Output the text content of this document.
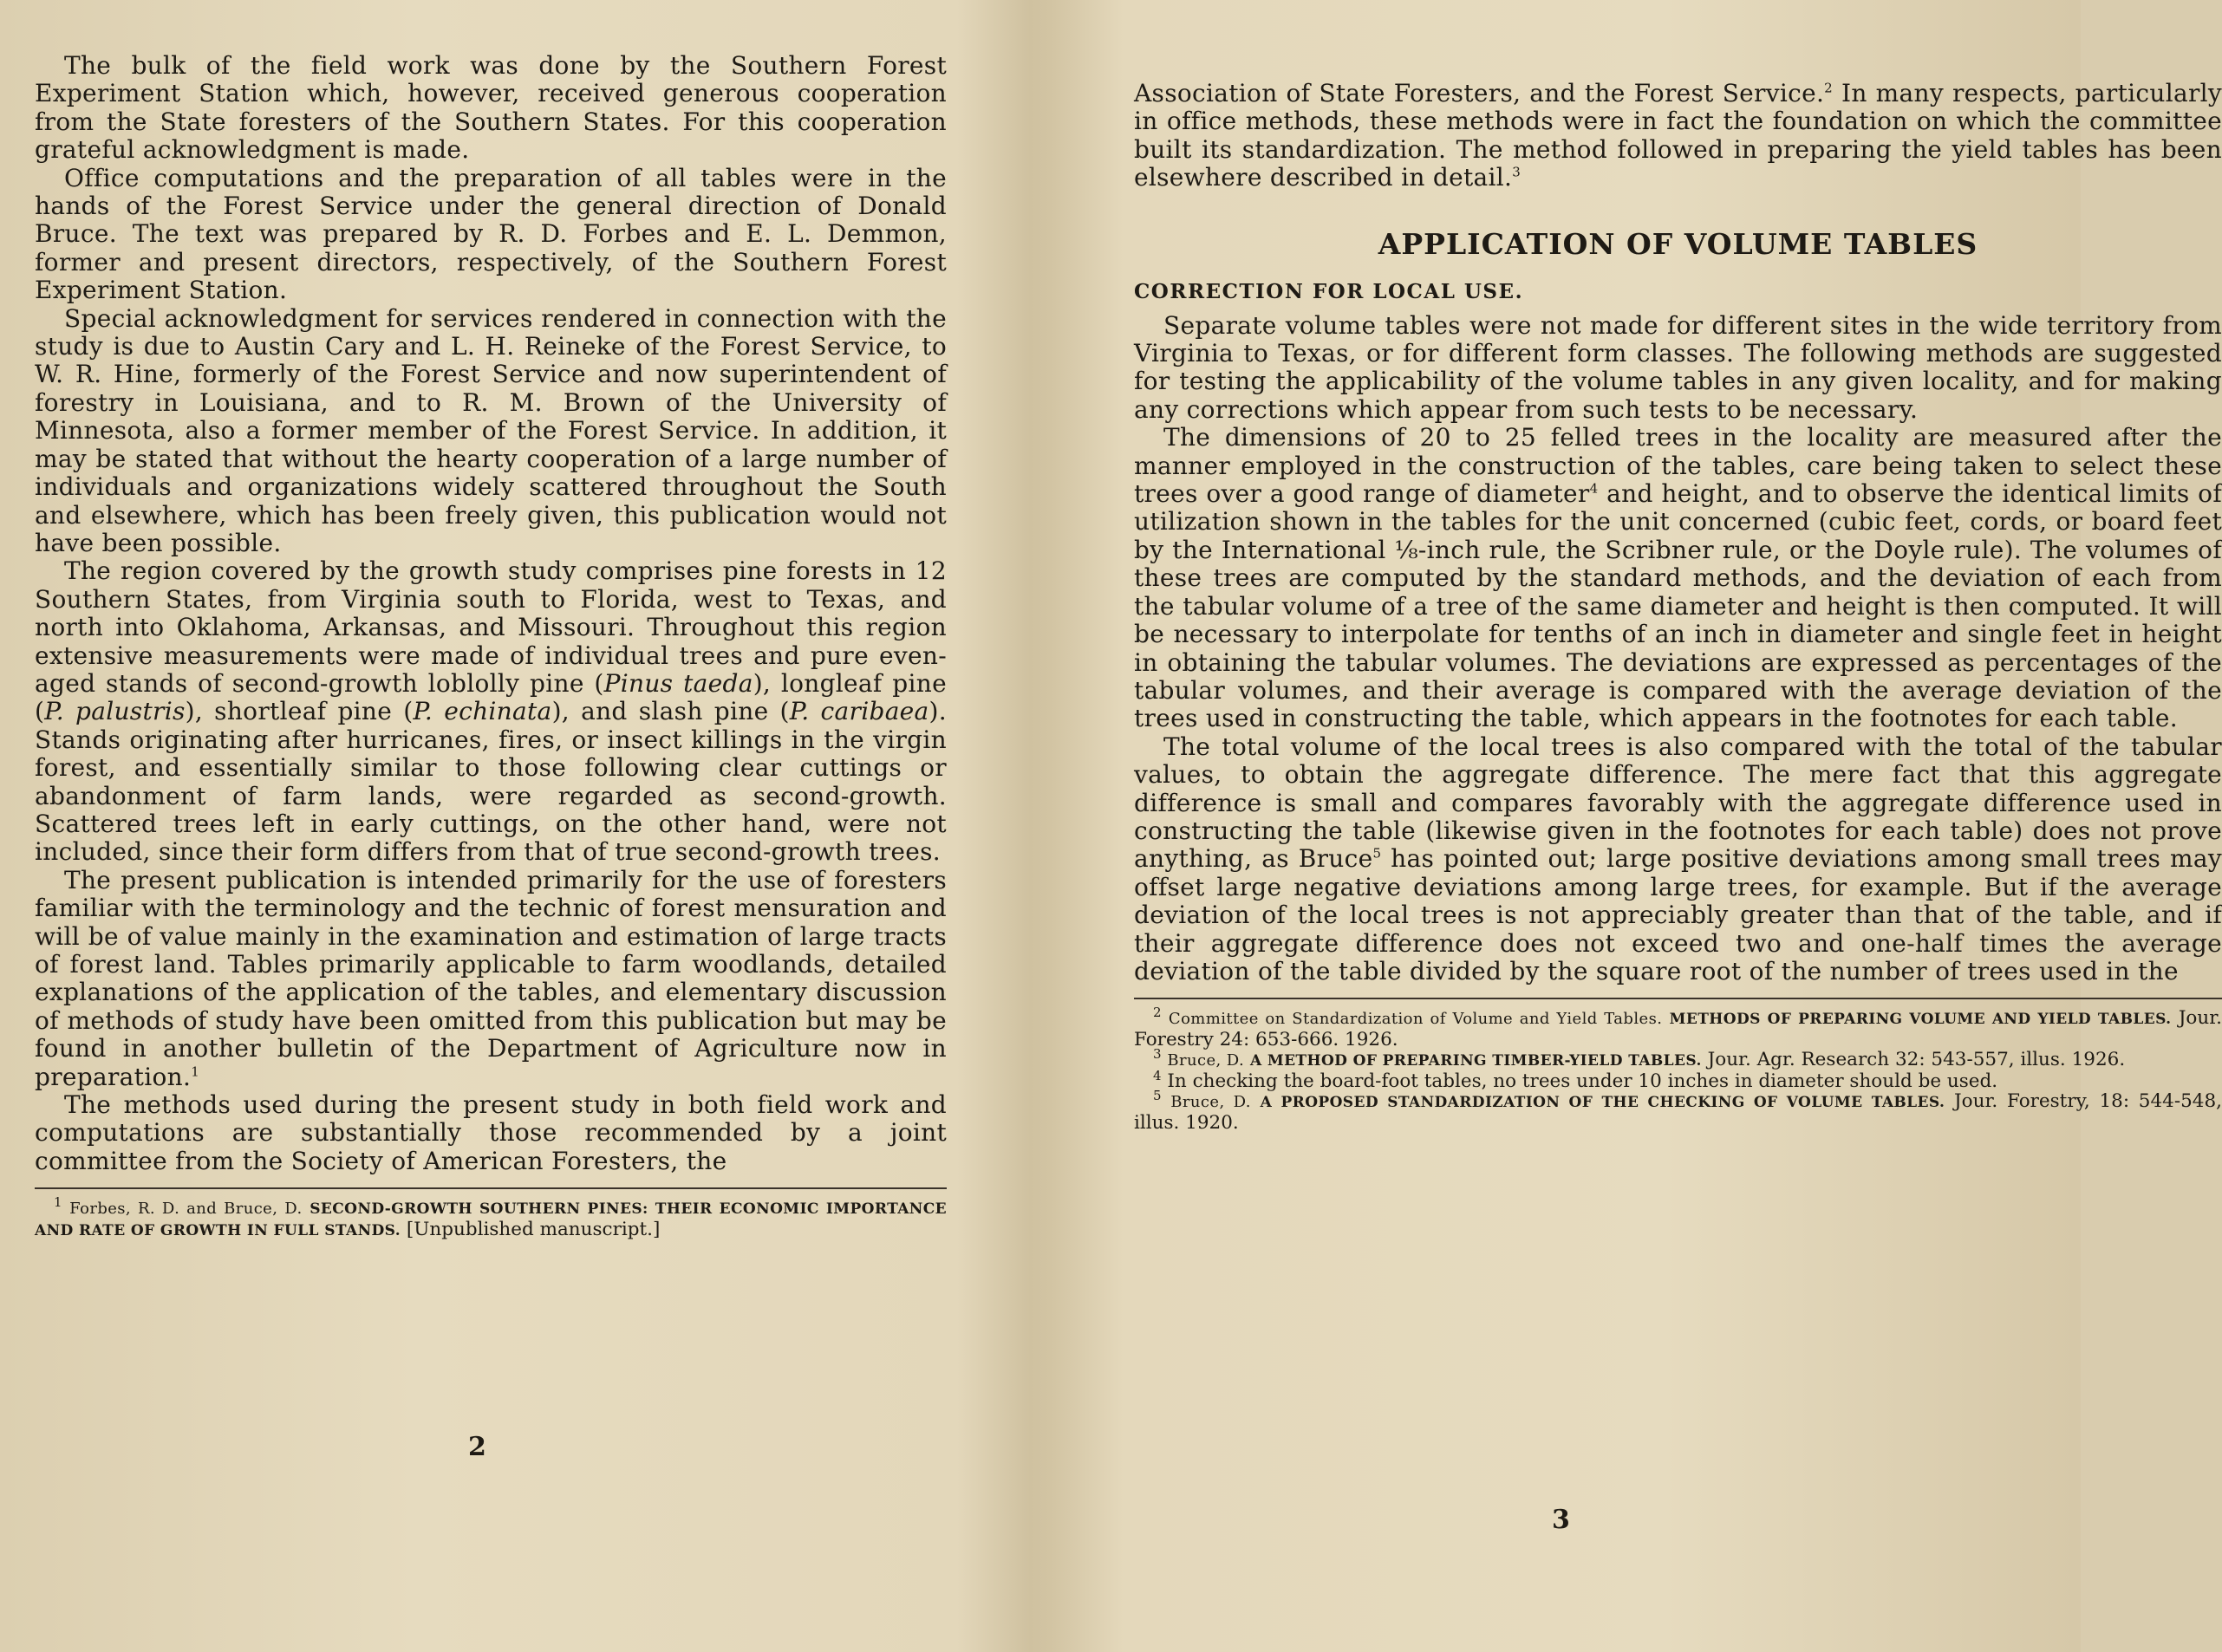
The bulk of the field work was done by the Southern Forest Experiment Station which, however, received generous cooperation from the State foresters of the Southern States. For this cooperation grateful acknowledgment is made.

Office computations and the preparation of all tables were in the hands of the Forest Service under the general direction of Donald Bruce. The text was prepared by R. D. Forbes and E. L. Demmon, former and present directors, respectively, of the Southern Forest Experiment Station.

Special acknowledgment for services rendered in connection with the study is due to Austin Cary and L. H. Reineke of the Forest Service, to W. R. Hine, formerly of the Forest Service and now superintendent of forestry in Louisiana, and to R. M. Brown of the University of Minnesota, also a former member of the Forest Service. In addition, it may be stated that without the hearty cooperation of a large number of individuals and organizations widely scattered throughout the South and elsewhere, which has been freely given, this publication would not have been possible.

The region covered by the growth study comprises pine forests in 12 Southern States, from Virginia south to Florida, west to Texas, and north into Oklahoma, Arkansas, and Missouri. Throughout this region extensive measurements were made of individual trees and pure even-aged stands of second-growth loblolly pine (Pinus taeda), longleaf pine (P. palustris), shortleaf pine (P. echinata), and slash pine (P. caribaea). Stands originating after hurricanes, fires, or insect killings in the virgin forest, and essentially similar to those following clear cuttings or abandonment of farm lands, were regarded as second-growth. Scattered trees left in early cuttings, on the other hand, were not included, since their form differs from that of true second-growth trees.

The present publication is intended primarily for the use of foresters familiar with the terminology and the technic of forest mensuration and will be of value mainly in the examination and estimation of large tracts of forest land. Tables primarily applicable to farm woodlands, detailed explanations of the application of the tables, and elementary discussion of methods of study have been omitted from this publication but may be found in another bulletin of the Department of Agriculture now in preparation.$^1$

The methods used during the present study in both field work and computations are substantially those recommended by a joint committee from the Society of American Foresters, the

$^1$ Forbes, R. D. and Bruce, D. SECOND-GROWTH SOUTHERN PINES: THEIR ECONOMIC IMPORTANCE AND RATE OF GROWTH IN FULL STANDS. [Unpublished manuscript.]

2

Association of State Foresters, and the Forest Service.$^2$ In many respects, particularly in office methods, these methods were in fact the foundation on which the committee built its standardization. The method followed in preparing the yield tables has been elsewhere described in detail.$^3$

APPLICATION OF VOLUME TABLES
CORRECTION FOR LOCAL USE.

Separate volume tables were not made for different sites in the wide territory from Virginia to Texas, or for different form classes. The following methods are suggested for testing the applicability of the volume tables in any given locality, and for making any corrections which appear from such tests to be necessary.

The dimensions of 20 to 25 felled trees in the locality are measured after the manner employed in the construction of the tables, care being taken to select these trees over a good range of diameter$^4$ and height, and to observe the identical limits of utilization shown in the tables for the unit concerned (cubic feet, cords, or board feet by the International ⅛-inch rule, the Scribner rule, or the Doyle rule). The volumes of these trees are computed by the standard methods, and the deviation of each from the tabular volume of a tree of the same diameter and height is then computed. It will be necessary to interpolate for tenths of an inch in diameter and single feet in height in obtaining the tabular volumes. The deviations are expressed as percentages of the tabular volumes, and their average is compared with the average deviation of the trees used in constructing the table, which appears in the footnotes for each table.

The total volume of the local trees is also compared with the total of the tabular values, to obtain the aggregate difference. The mere fact that this aggregate difference is small and compares favorably with the aggregate difference used in constructing the table (likewise given in the footnotes for each table) does not prove anything, as Bruce$^5$ has pointed out; large positive deviations among small trees may offset large negative deviations among large trees, for example. But if the average deviation of the local trees is not appreciably greater than that of the table, and if their aggregate difference does not exceed two and one-half times the average deviation of the table divided by the square root of the number of trees used in the

$^2$ Committee on Standardization of Volume and Yield Tables. METHODS OF PREPARING VOLUME AND YIELD TABLES. Jour. Forestry 24: 653-666. 1926.

$^3$ Bruce, D. A METHOD OF PREPARING TIMBER-YIELD TABLES. Jour. Agr. Research 32: 543-557, illus. 1926.

$^4$ In checking the board-foot tables, no trees under 10 inches in diameter should be used.

$^5$ Bruce, D. A PROPOSED STANDARDIZATION OF THE CHECKING OF VOLUME TABLES. Jour. Forestry, 18: 544-548, illus. 1920.

3
